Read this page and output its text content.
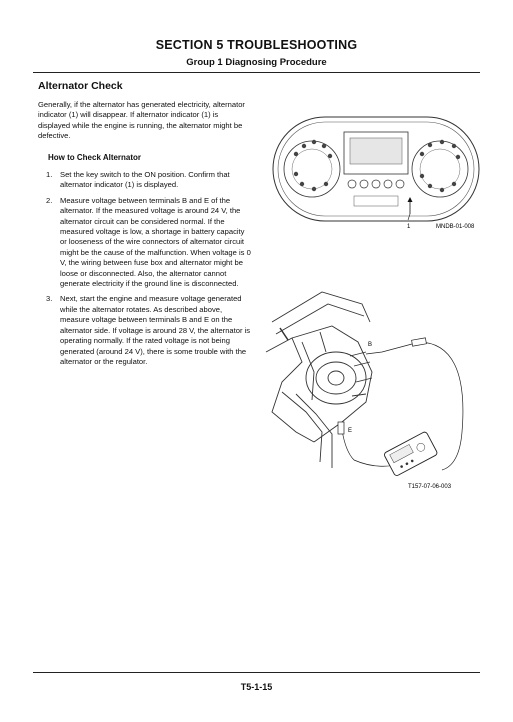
SECTION 5 TROUBLESHOOTING
Group 1 Diagnosing Procedure
Alternator Check
Generally, if the alternator has generated electricity, alternator indicator (1) will disappear. If alternator indicator (1) is displayed while the engine is running, the alternator might be defective.
How to Check Alternator
1. Set the key switch to the ON position. Confirm that alternator indicator (1) is displayed.
2. Measure voltage between terminals B and E of the alternator. If the measured voltage is around 24 V, the alternator circuit can be considered normal. If the measured voltage is low, a shortage in battery capacity or looseness of the wire connectors of alternator circuit might be the cause of the malfunction. When voltage is 0 V, the wiring between fuse box and alternator might be loose or disconnected. Also, the alternator cannot generate electricity if the ground line is disconnected.
3. Next, start the engine and measure voltage generated while the alternator rotates. As described above, measure voltage between terminals B and E on the alternator side. If voltage is around 28 V, the alternator is operating normally. If the rated voltage is not being generated (around 24 V), there is some trouble with the alternator or the regulator.
1	MNDB-01-008
B
E
T157-07-06-003
T5-1-15
